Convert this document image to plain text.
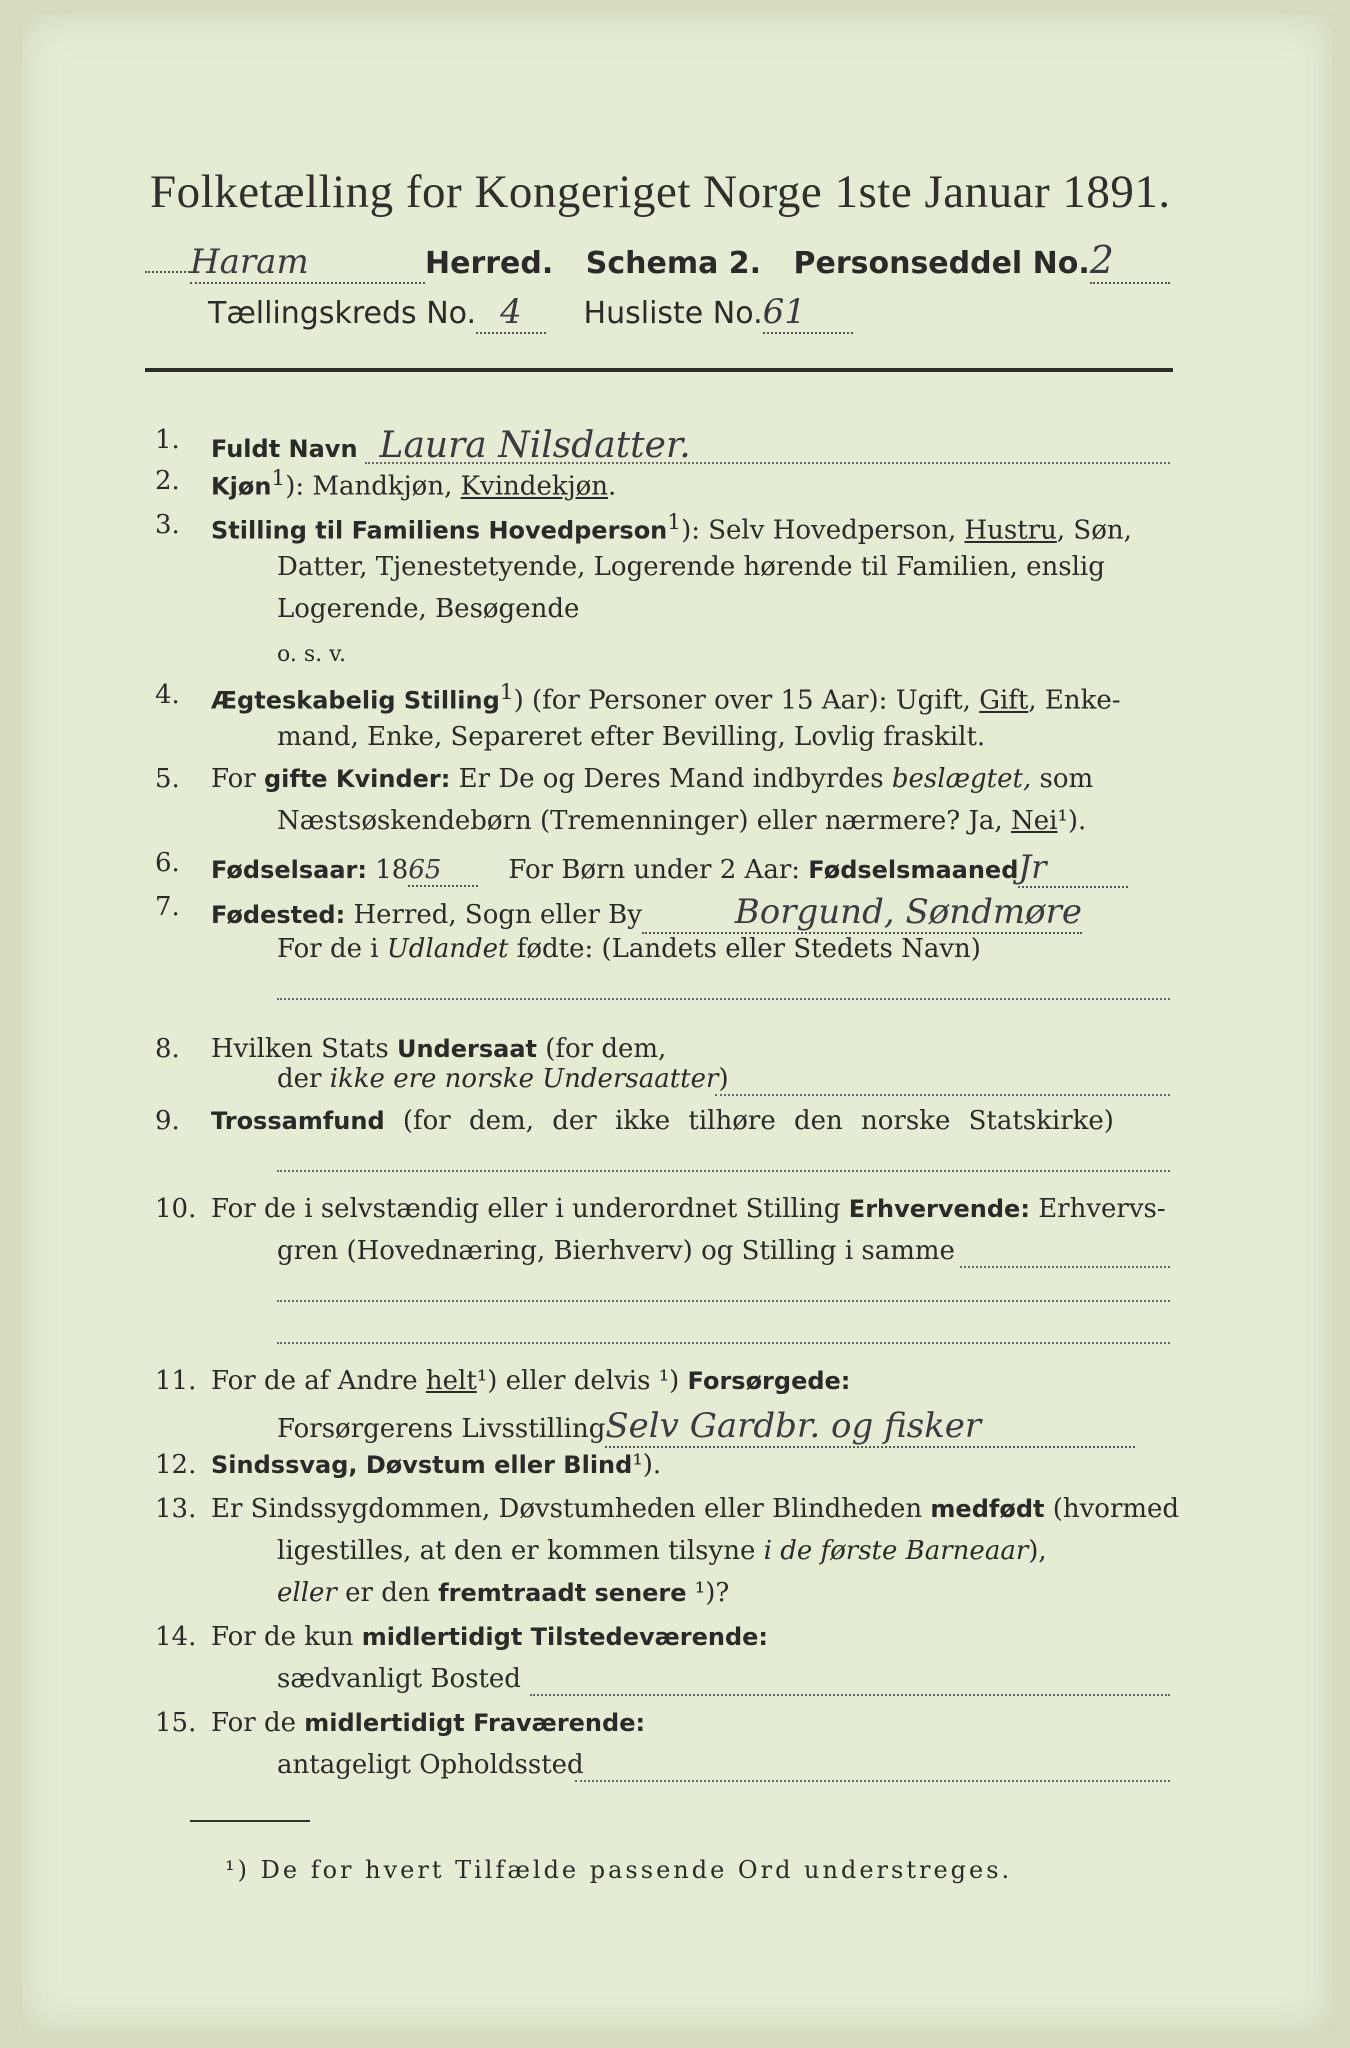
Folketælling for Kongeriget Norge 1ste Januar 1891.
Haram	Herred. Schema 2. Personseddel No.2
Tællingskreds No. 4 Husliste No.61
1.	Fuldt Navn Laura Nilsdatter.
2.	Kjøn$^1$): Mandkjøn, Kvindekjøn.
3.	Stilling til Familiens Hovedperson$^1$): Selv Hovedperson, Hustru, Søn,
Datter, Tjenestetyende, Logerende hørende til Familien, enslig
Logerende, Besøgende
o. s. v.
4.	Ægteskabelig Stilling$^1$) (for Personer over 15 Aar): Ugift, Gift, Enke-
mand, Enke, Separeret efter Bevilling, Lovlig fraskilt.
5.	For gifte Kvinder: Er De og Deres Mand indbyrdes beslægtet, som
Næstsøskendebørn (Tremenninger) eller nærmere? Ja, Nei¹).
6.	Fødselsaar: 1865	For Børn under 2 Aar: FødselsmaanedJr
7.	Fødested: Herred, Sogn eller By	Borgund, Søndmøre
For de i Udlandet fødte: (Landets eller Stedets Navn)
8.	Hvilken Stats Undersaat (for dem,
der ikke ere norske Undersaatter)
9.	Trossamfund (for dem, der ikke tilhøre den norske Statskirke)
10. For de i selvstændig eller i underordnet Stilling Erhvervende: Erhvervs-
gren (Hovednæring, Bierhverv) og Stilling i samme
11. For de af Andre helt¹) eller delvis ¹) Forsørgede:
Forsørgerens LivsstillingSelv Gardbr. og fisker
12. Sindssvag, Døvstum eller Blind¹).
13. Er Sindssygdommen, Døvstumheden eller Blindheden medfødt (hvormed
ligestilles, at den er kommen tilsyne i de første Barneaar),
eller er den fremtraadt senere ¹)?
14. For de kun midlertidigt Tilstedeværende:
sædvanligt Bosted
15. For de midlertidigt Fraværende:
antageligt Opholdssted
¹) De for hvert Tilfælde passende Ord understreges.
